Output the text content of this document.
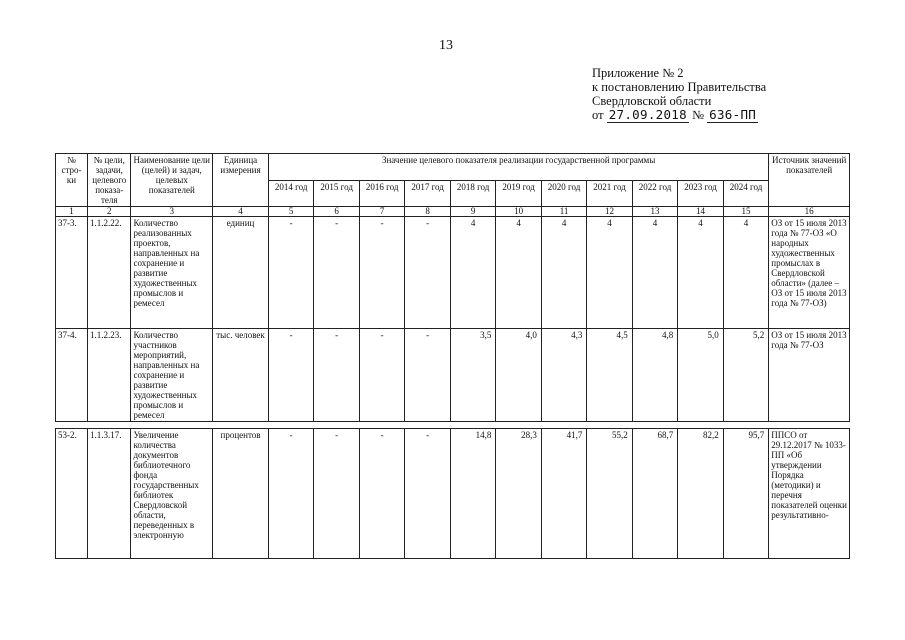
13
Приложение № 2
к постановлению Правительства
Свердловской области
от 27.09.2018 № 636-ПП
№ стро-ки	№ цели, задачи, целевого показа-теля	Наименование цели (целей) и задач, целевых показателей	Единица измерения	Значение целевого показателя реализации государственной программы											Источник значений показателей
				2014 год	2015 год	2016 год	2017 год	2018 год	2019 год	2020 год	2021 год	2022 год	2023 год	2024 год	
1	2	3	4	5	6	7	8	9	10	11	12	13	14	15	16
37-3.	1.1.2.22.	Количество реализованных проектов, направленных на сохранение и развитие художественных промыслов и ремесел	единиц	-	-	-	-	4	4	4	4	4	4	4	ОЗ от 15 июля 2013 года № 77-ОЗ «О народных художественных промыслах в Свердловской области» (далее – ОЗ от 15 июля 2013 года № 77-ОЗ)
37-4.	1.1.2.23.	Количество участников мероприятий, направленных на сохранение и развитие художественных промыслов и ремесел	тыс. человек	-	-	-	-	3,5	4,0	4,3	4,5	4,8	5,0	5,2	ОЗ от 15 июля 2013 года № 77-ОЗ

53-2.	1.1.3.17.	Увеличение количества документов библиотечного фонда государственных библиотек Свердловской области, переведенных в электронную	процентов	-	-	-	-	14,8	28,3	41,7	55,2	68,7	82,2	95,7	ППСО от 29.12.2017 № 1033-ПП «Об утверждении Порядка (методики) и перечня показателей оценки результативно-
